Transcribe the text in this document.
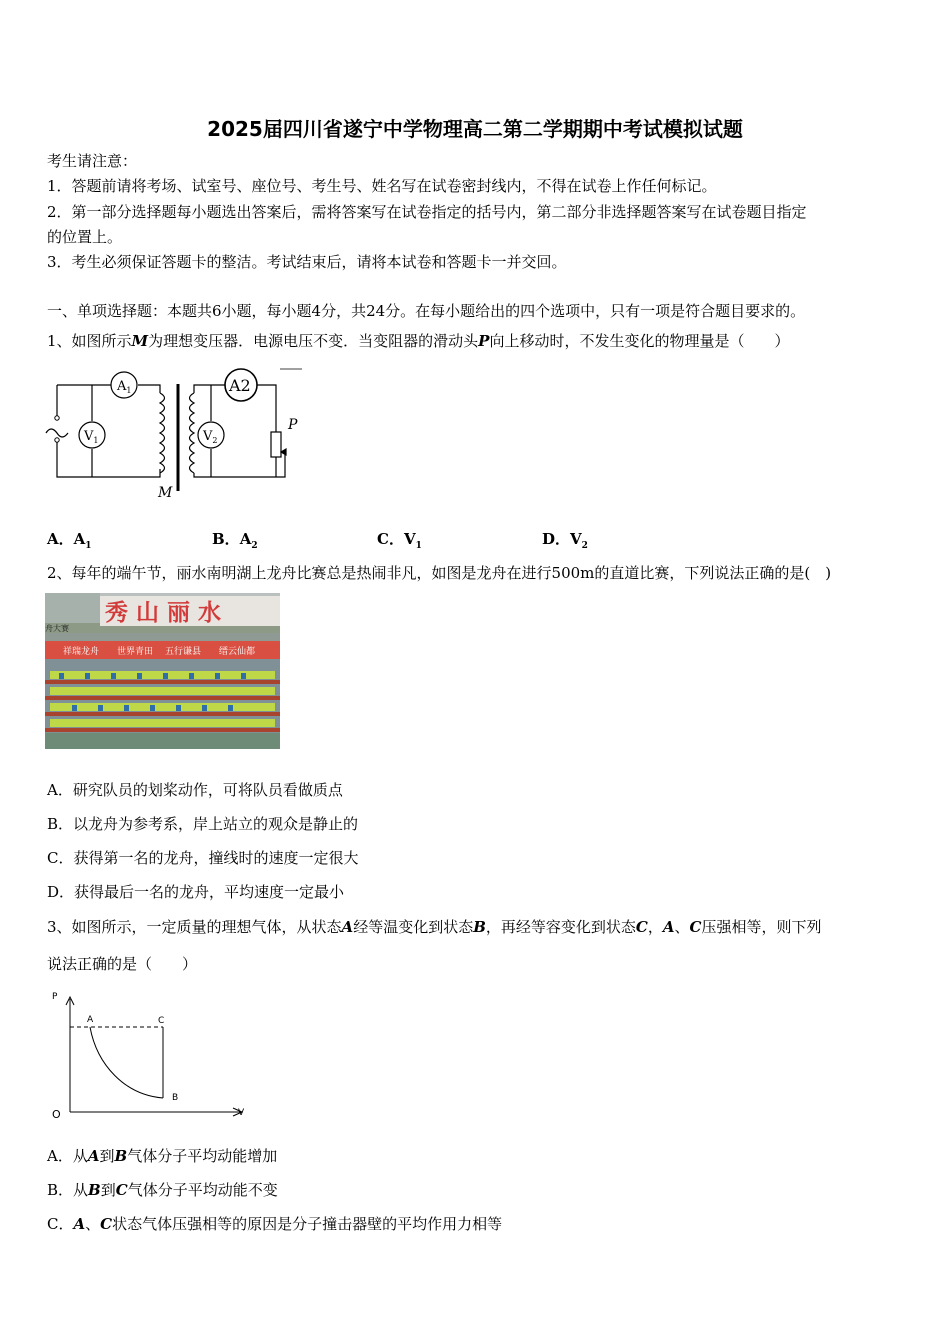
2025届四川省遂宁中学物理高二第二学期期中考试模拟试题
考生请注意：
1．答题前请将考场、试室号、座位号、考生号、姓名写在试卷密封线内，不得在试卷上作任何标记。
2．第一部分选择题每小题选出答案后，需将答案写在试卷指定的括号内，第二部分非选择题答案写在试卷题目指定
的位置上。
3．考生必须保证答题卡的整洁。考试结束后，请将本试卷和答题卡一并交回。
一、单项选择题：本题共6小题，每小题4分，共24分。在每小题给出的四个选项中，只有一项是符合题目要求的。
1、如图所示M为理想变压器．电源电压不变．当变阻器的滑动头P向上移动时，不发生变化的物理量是（　　）
$A_1$	A2
$V_1$	$V_2$
P
M
A．$A_1$	B．$A_2$	C．$V_1$	D．$V_2$
2、每年的端午节，丽水南明湖上龙舟比赛总是热闹非凡，如图是龙舟在进行500m的直道比赛，下列说法正确的是(　)
秀 山 丽 水
舟大赛
祥瑞龙舟 世界青田 五行谦县 缙云仙都
A．研究队员的划桨动作，可将队员看做质点
B．以龙舟为参考系，岸上站立的观众是静止的
C．获得第一名的龙舟，撞线时的速度一定很大
D．获得最后一名的龙舟，平均速度一定最小
3、如图所示，一定质量的理想气体，从状态A经等温变化到状态B，再经等容变化到状态C，A、C压强相等，则下列
说法正确的是（　　）
P
V
O
A	C
B
A．从A到B气体分子平均动能增加
B．从B到C气体分子平均动能不变
C．A、C状态气体压强相等的原因是分子撞击器壁的平均作用力相等
